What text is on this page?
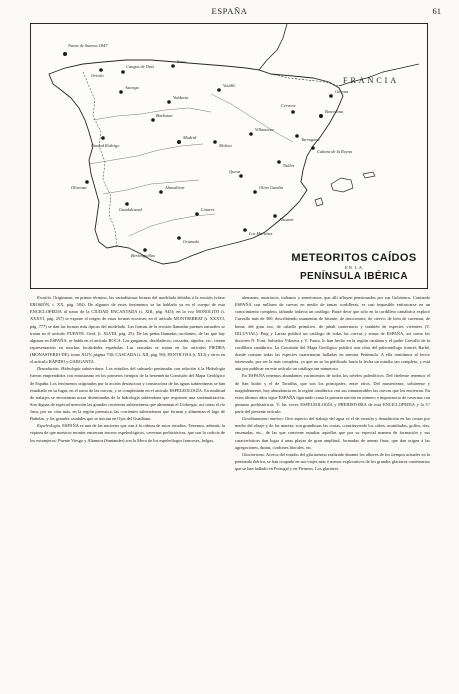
ESPAÑA	61
FRANCIA
Navia de Suarna 1847
Cangas de Onís
Astorga
Barbotan
Valdavia
Ciudad Rodrigo
Madrid
Villanueva
Gerona
Barcelona
Cabeza de la Reyna
Oliva Gandía
Los Martinez
Almodóvar
Linares
Guadalcanal
Olivenza
Berlanguillas
Vouillé
Quesa
Granada
Alicante
Molina
Nulles
Tarragona
Cervera
Sena
Oviedo
METEORITOS CAÍDOS
EN LA
PENÍNSULA IBÉRICA

Erosión. Origínanse, en primer término, las variadísimas formas del modelado debidas á la erosión (véase EROSIÓN, t. XX, pág. 584). De algunos de estos fenómenos se ha hablado ya en el cuerpo de esta ENCICLOPEDIA al tratar de la CIUDAD ENCANTADA (t. XIII, pág. 945); en la voz MONOLITO (t. XXXVI, pág. 257) se expone el origen de estas formas erosivas; en el artículo MONTSERRAT (t. XXXVI, pág. 777) se dan las formas más típicas del modelado. Las formas de la erosión llamadas puentes naturales se tratan en el artículo PUENTE. Geol. (t. XLVIII, pág. 25). De las peñas llamadas oscilantes, de las que hay algunas en ESPAÑA, se habla en el artículo ROCA. Las gargantas, desfiladeros, cascadas, rápidos, etc., tienen representación en muchas localidades españolas. Las cascadas se tratan en los artículos PIEDRA (MONASTERIO DE), tomo XLIV, página 730; CASCADA (t. XII, pág. 90), PANTICOSA (t. XLI) y otros en el artículo RÁPIDO y GARGANTA.

Denudación. Hidrología subterránea. Los estudios del subsuelo peninsular con relación á la Hidrología fueron emprendidos con entusiasmo en los primeros tiempos de la benemérita Comisión del Mapa Geológico de España. Los fenómenos originados por la acción destructora y constructora de las aguas subterráneas se han estudiado en su lugar, en el tomo de las cuevas, y se completarán en el artículo ESPELEOLOGÍA. En multitud de trabajos se encuentran notas diseminadas de la hidrología subterránea que requieren una sistematización. Son dignas de especial mención las grandes corrientes subterráneas que alimentan el Llobregat, así como el río Jaeu, por no citar más, en la región pirenaica; las corrientes subterráneas que forman y alimentan el lago de Bañolas, y los grandes caudales que se inician en Ojos del Guadiana.

Espeleología. ESPAÑA es una de las naciones que van á la cabeza de estos estudios. Tenemos, además, la riqueza de que nuestros montes encierran tesoros espeleológicos, cavernas prehistóricas, que son la codicia de los extranjeros: Puente Viesgo y Altamira (Santander) son la Meca de los espeleólogos franceses, belgas,

alemanes, austríacos, italianos y americanos, que allí afluyen pensionados por sus Gobiernos. Contando ESPAÑA con millares de cuevas en medio de tantas cordilleras, es casi imposible enfrascarse en un conocimiento completo, faltando todavía un catálogo. Baste decir que sólo en la cordillera cantábrica exploró Carvallo más de 300, describiendo osamentas de bisonte, de rinoceronte, de ciervo, de león de cavernas, de hiena, del gran oso, de caballo primitivo, de jabalí cuaternario y también de especies vivientes (V. DILUVIAL). Puig y Larraz publicó un catálogo de todas las cuevas y simas de ESPAÑA, así como los doctores N. Font, Salvador Vilaseca y V. Faura, lo han hecho en la región catalana y el padre Carvallo de la cordillera cantábrica. La Comisión del Mapa Geológico publicó una obra del paleontólogo francés Barbé, donde constan todas las especies cuaternarias halladas en nuestra Península. A ella remitimos al lector interesado, por ser la más completa, ya que no se ha publicado hasta la fecha un estudio tan completo, y está aún por publicar en este artículo un catálogo tan numeroso.

En ESPAÑA tenemos abundantes yacimientos de todos los niveles paleolíticos. Del chelense tenemos el de San Isidro y el de Torralba, que son los principales, entre otros. Del musteriense, solutrense y magdaleniense, hay abundancia en la región cantábrica con sus innumerables las cuevas que los encierran. En estos últimos años sigue ESPAÑA figurando como la primera nación en número e importancia de cavernas con pinturas prehistóricas. V. las voces ESPELEOLOGÍA y PREHISTORIA de esta ENCICLOPEDIA y la 5.ª parte del presente artículo.

Geodinamismo marino. Otro aspecto del trabajo del agua es el de erosión y denudación en las costas por medio del oleaje y de las mareas; son grandiosas las costas, constituyendo los cabos, acantilados, golfos, rías, ensenadas, etc., de las que conviene estudiar aquellas que por su especial manera de formación y sus características dan lugar á unas playas de gran amplitud, formadas de arenas finas, que dan origen á las agregaciones, dunas, cordones litorales, etc.

Glaciarismo. Acerca del estudio del glaciarismo realizado durante los albores de los tiempos actuales en la península ibérica, se han ocupado en sus viajes más ó menos explorativos de los grandes glaciares cuaternarios que se han hallado en Portugal y en Pirineos, Los glaciares
